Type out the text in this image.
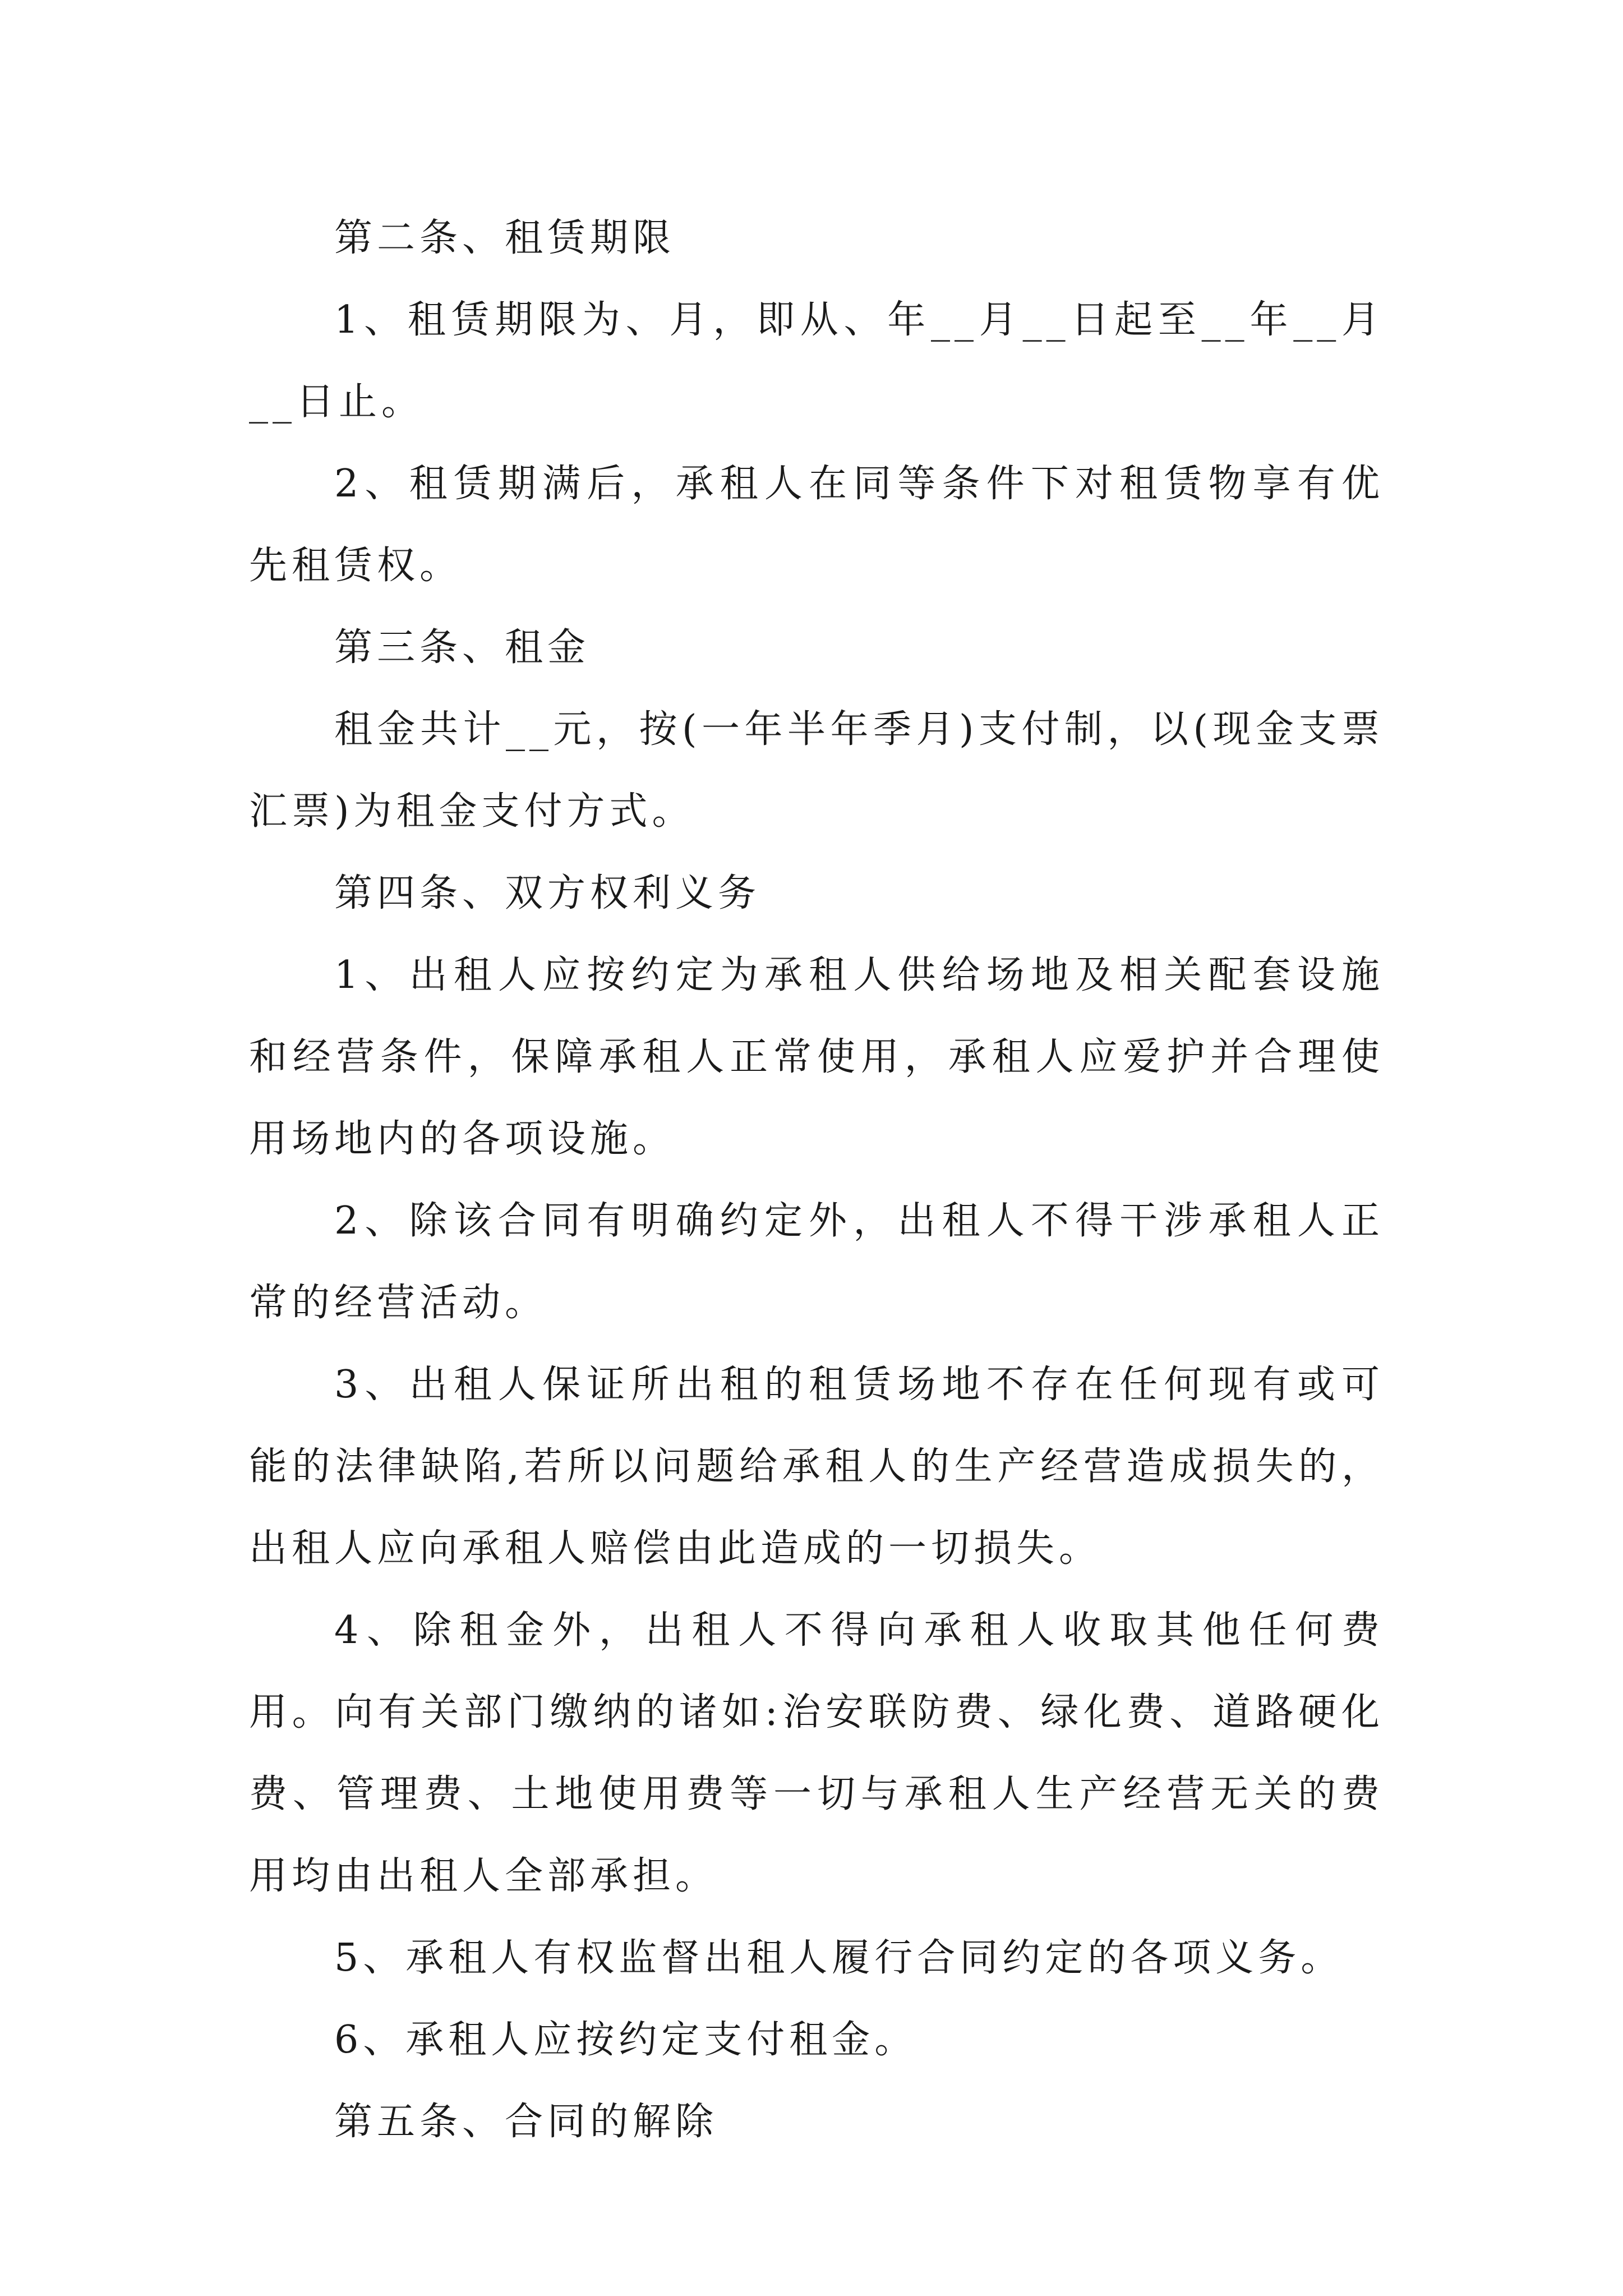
第二条、租赁期限

1、租赁期限为、月，即从、年__月__日起至__年__月__日止。

2、租赁期满后，承租人在同等条件下对租赁物享有优先租赁权。

第三条、租金

租金共计__元，按(一年半年季月)支付制，以(现金支票汇票)为租金支付方式。

第四条、双方权利义务

1、出租人应按约定为承租人供给场地及相关配套设施和经营条件，保障承租人正常使用，承租人应爱护并合理使用场地内的各项设施。

2、除该合同有明确约定外，出租人不得干涉承租人正常的经营活动。

3、出租人保证所出租的租赁场地不存在任何现有或可能的法律缺陷,若所以问题给承租人的生产经营造成损失的，出租人应向承租人赔偿由此造成的一切损失。

4、除租金外，出租人不得向承租人收取其他任何费用。向有关部门缴纳的诸如:治安联防费、绿化费、道路硬化费、管理费、土地使用费等一切与承租人生产经营无关的费用均由出租人全部承担。

5、承租人有权监督出租人履行合同约定的各项义务。

6、承租人应按约定支付租金。

第五条、合同的解除
